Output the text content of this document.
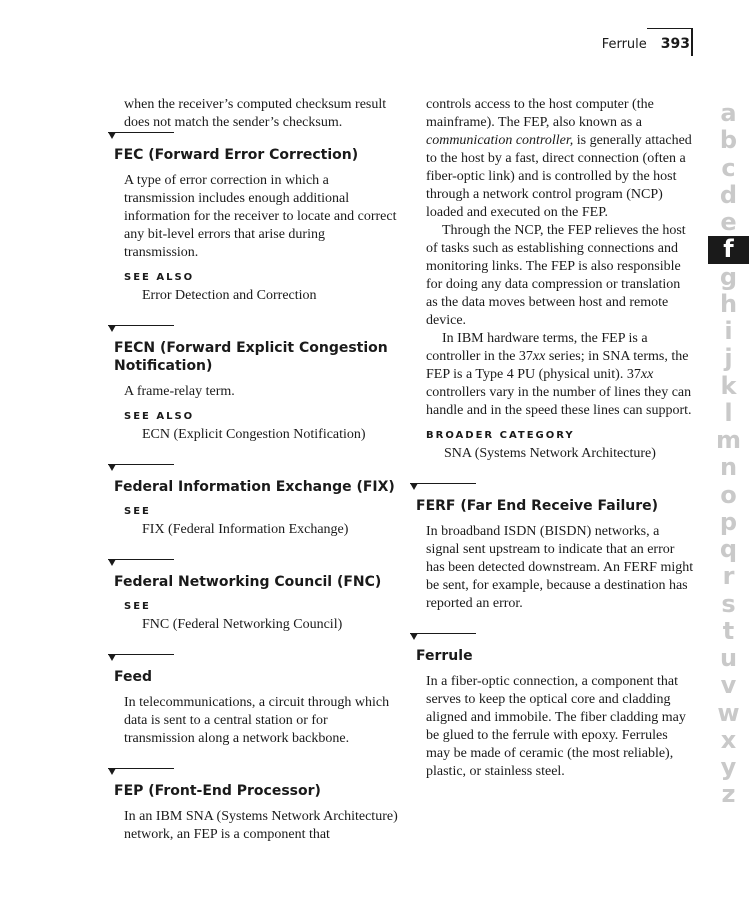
Ferrule 393

when the receiver’s computed checksum result does not match the sender’s checksum.

FEC (Forward Error Correction)

A type of error correction in which a transmission includes enough additional information for the receiver to locate and correct any bit-level errors that arise during transmission.

SEE ALSO

Error Detection and Correction

FECN (Forward Explicit Congestion Notification)

A frame-relay term.

SEE ALSO

ECN (Explicit Congestion Notification)

Federal Information Exchange (FIX)
SEE

FIX (Federal Information Exchange)

Federal Networking Council (FNC)
SEE

FNC (Federal Networking Council)

Feed

In telecommunications, a circuit through which data is sent to a central station or for transmission along a network backbone.

FEP (Front-End Processor)

In an IBM SNA (Systems Network Architecture) network, an FEP is a component that

controls access to the host computer (the mainframe). The FEP, also known as a communication controller, is generally attached to the host by a fast, direct connection (often a fiber-optic link) and is controlled by the host through a network control program (NCP) loaded and executed on the FEP.

Through the NCP, the FEP relieves the host of tasks such as establishing connections and monitoring links. The FEP is also responsible for doing any data compression or translation as the data moves between host and remote device.

In IBM hardware terms, the FEP is a controller in the 37xx series; in SNA terms, the FEP is a Type 4 PU (physical unit). 37xx controllers vary in the number of lines they can handle and in the speed these lines can support.

BROADER CATEGORY

SNA (Systems Network Architecture)

FERF (Far End Receive Failure)

In broadband ISDN (BISDN) networks, a signal sent upstream to indicate that an error has been detected downstream. An FERF might be sent, for example, because a destination has reported an error.

Ferrule

In a fiber-optic connection, a component that serves to keep the optical core and cladding aligned and immobile. The fiber cladding may be glued to the ferrule with epoxy. Ferrules may be made of ceramic (the most reliable), plastic, or stainless steel.

a
b
c
d
e
f
g
h
i
j
k
l
m
n
o
p
q
r
s
t
u
v
w
x
y
z
